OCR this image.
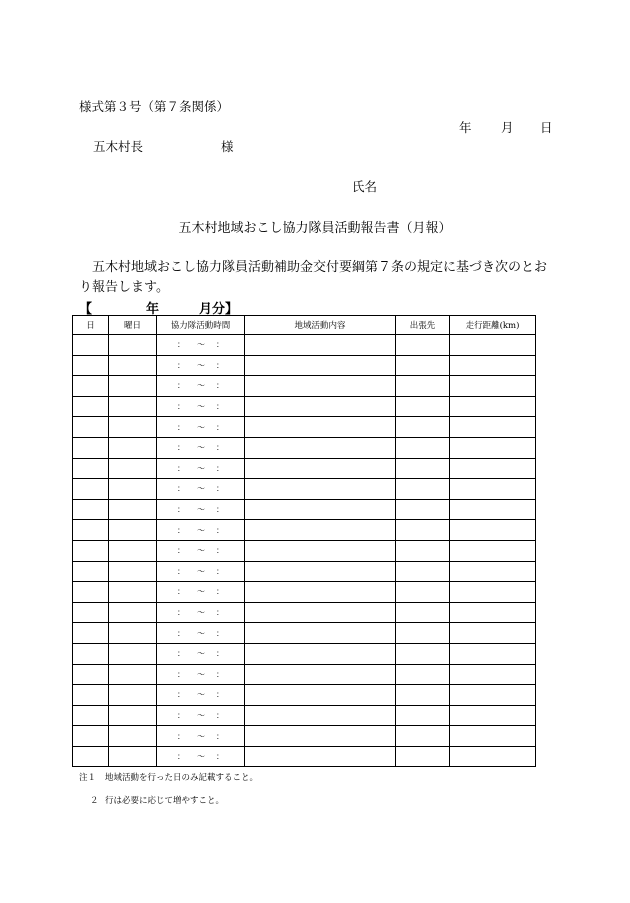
様式第３号（第７条関係）
年 月 日
五木村長	様
氏名
五木村地域おこし協力隊員活動報告書（月報）
五木村地域おこし協力隊員活動補助金交付要綱第７条の規定に基づき次のとおり報告します。
【	年	月分】
日	曜日	協力隊活動時間	地域活動内容	出張先	走行距離(km)
		： ～ ：			
		： ～ ：			
		： ～ ：			
		： ～ ：			
		： ～ ：			
		： ～ ：			
		： ～ ：			
		： ～ ：			
		： ～ ：			
		： ～ ：			
		： ～ ：			
		： ～ ：			
		： ～ ：			
		： ～ ：			
		： ～ ：			
		： ～ ：			
		： ～ ：			
		： ～ ：			
		： ～ ：			
		： ～ ：			
		： ～ ：			
注１ 地域活動を行った日のみ記載すること。
２ 行は必要に応じて増やすこと。
